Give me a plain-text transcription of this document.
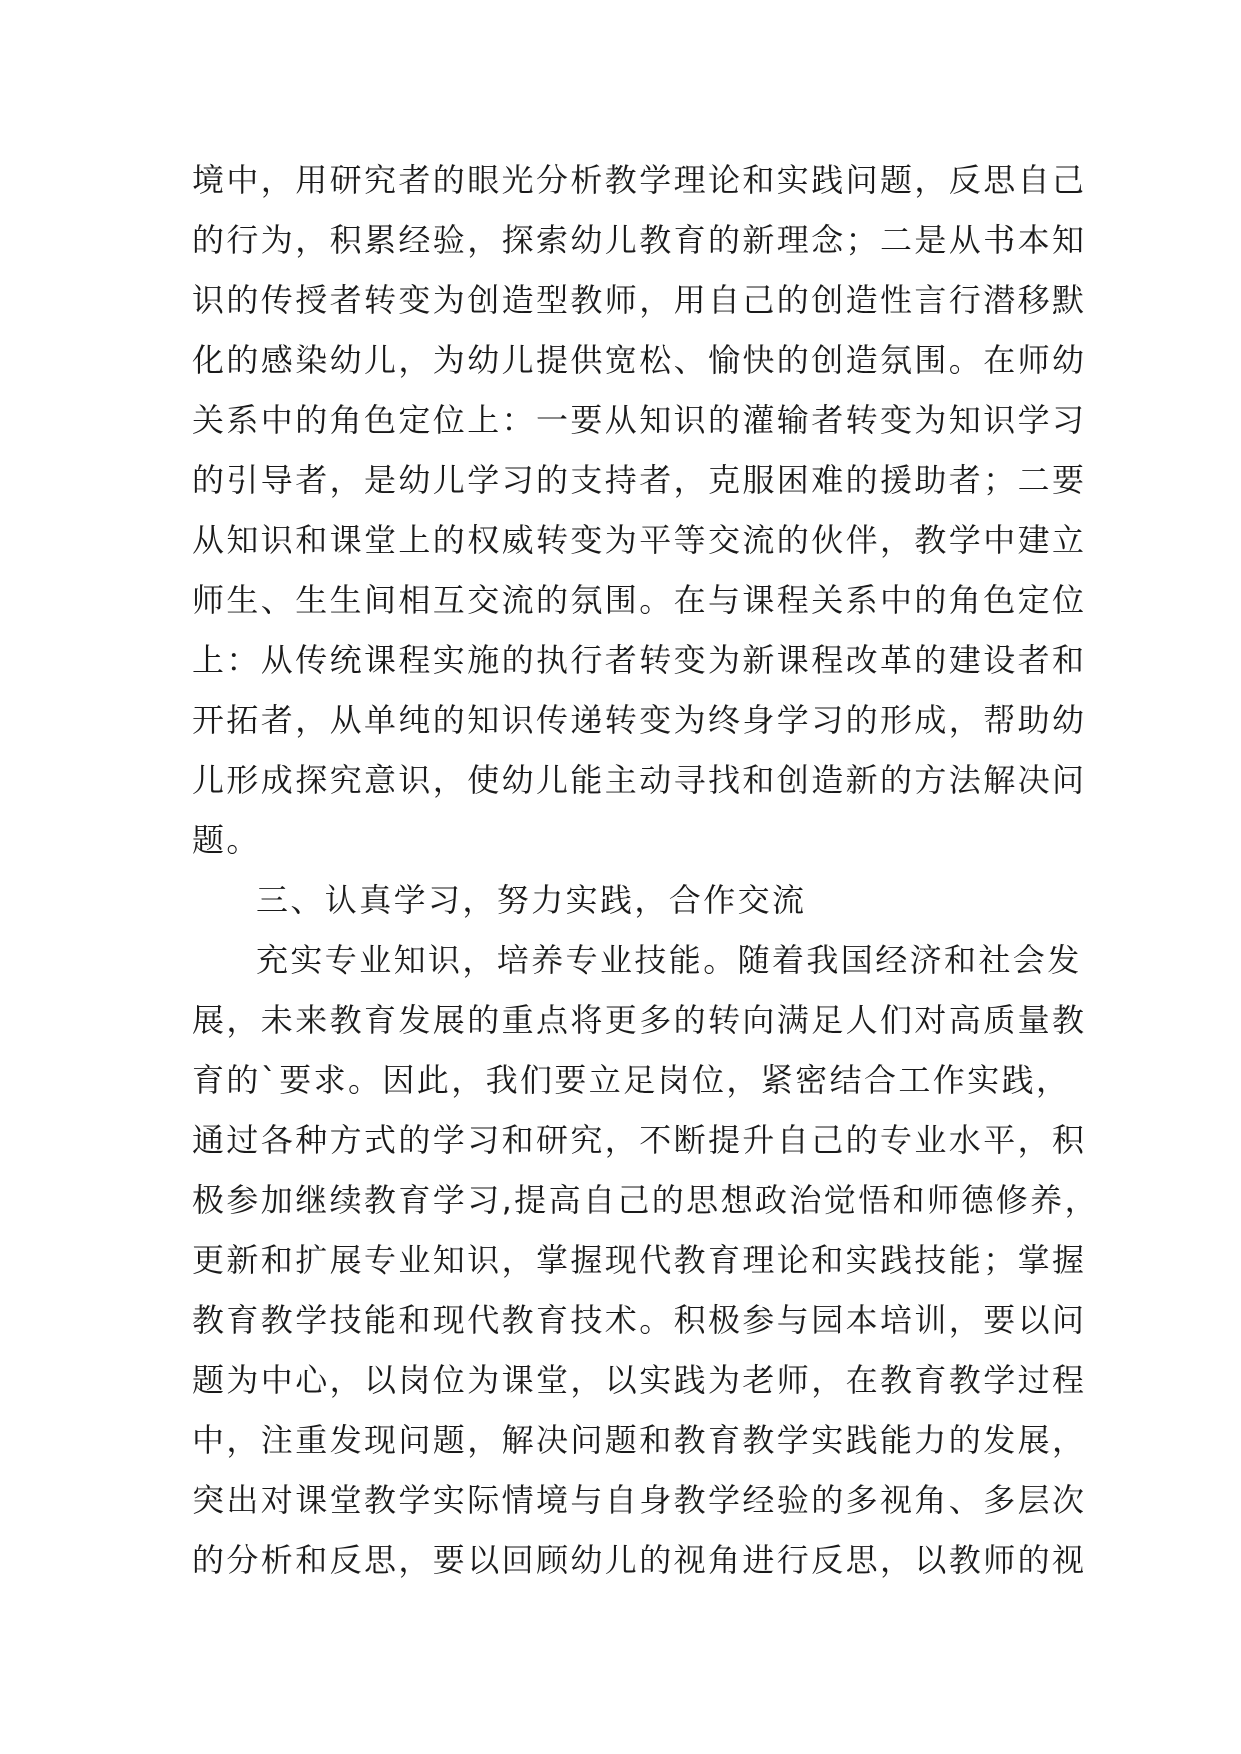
境中，用研究者的眼光分析教学理论和实践问题，反思自己
的行为，积累经验，探索幼儿教育的新理念；二是从书本知
识的传授者转变为创造型教师，用自己的创造性言行潜移默
化的感染幼儿，为幼儿提供宽松、愉快的创造氛围。在师幼
关系中的角色定位上：一要从知识的灌输者转变为知识学习
的引导者，是幼儿学习的支持者，克服困难的援助者；二要
从知识和课堂上的权威转变为平等交流的伙伴，教学中建立
师生、生生间相互交流的氛围。在与课程关系中的角色定位
上：从传统课程实施的执行者转变为新课程改革的建设者和
开拓者，从单纯的知识传递转变为终身学习的形成，帮助幼
儿形成探究意识，使幼儿能主动寻找和创造新的方法解决问
题。
三、认真学习，努力实践，合作交流
充实专业知识，培养专业技能。随着我国经济和社会发
展，未来教育发展的重点将更多的转向满足人们对高质量教
育的`要求。因此，我们要立足岗位，紧密结合工作实践，
通过各种方式的学习和研究，不断提升自己的专业水平，积
极参加继续教育学习,提高自己的思想政治觉悟和师德修养，
更新和扩展专业知识，掌握现代教育理论和实践技能；掌握
教育教学技能和现代教育技术。积极参与园本培训，要以问
题为中心，以岗位为课堂，以实践为老师，在教育教学过程
中，注重发现问题，解决问题和教育教学实践能力的发展，
突出对课堂教学实际情境与自身教学经验的多视角、多层次
的分析和反思，要以回顾幼儿的视角进行反思，以教师的视
